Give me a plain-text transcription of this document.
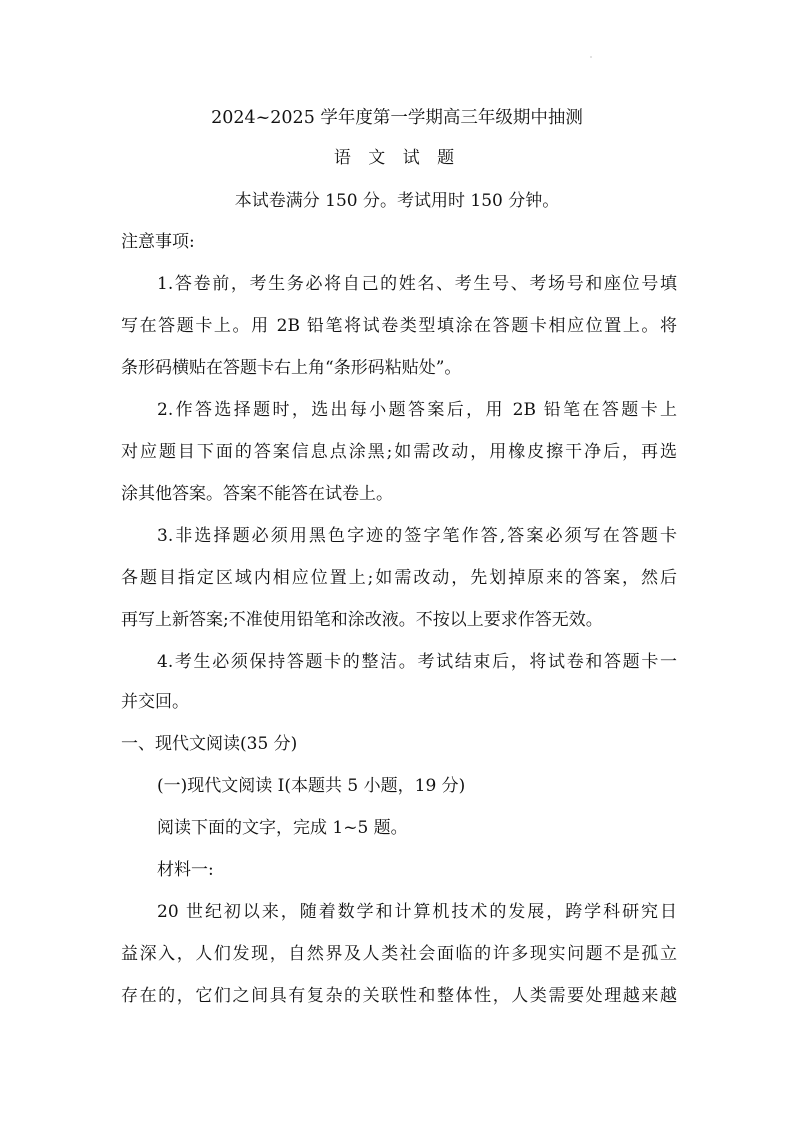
2024~2025 学年度第一学期高三年级期中抽测
语 文 试 题
本试卷满分 150 分。考试用时 150 分钟。
注意事项:
1.答卷前，考生务必将自己的姓名、考生号、考场号和座位号填
写在答题卡上。用 2B 铅笔将试卷类型填涂在答题卡相应位置上。将
条形码横贴在答题卡右上角“条形码粘贴处”。
2.作答选择题时，选出每小题答案后，用 2B 铅笔在答题卡上
对应题目下面的答案信息点涂黑;如需改动，用橡皮擦干净后，再选
涂其他答案。答案不能答在试卷上。
3.非选择题必须用黑色字迹的签字笔作答,答案必须写在答题卡
各题目指定区域内相应位置上;如需改动，先划掉原来的答案，然后
再写上新答案;不准使用铅笔和涂改液。不按以上要求作答无效。
4.考生必须保持答题卡的整洁。考试结束后，将试卷和答题卡一
并交回。
一、现代文阅读(35 分)
(一)现代文阅读 I(本题共 5 小题，19 分)
阅读下面的文字，完成 1~5 题。
材料一:
20 世纪初以来，随着数学和计算机技术的发展，跨学科研究日
益深入，人们发现，自然界及人类社会面临的许多现实问题不是孤立
存在的，它们之间具有复杂的关联性和整体性，人类需要处理越来越
